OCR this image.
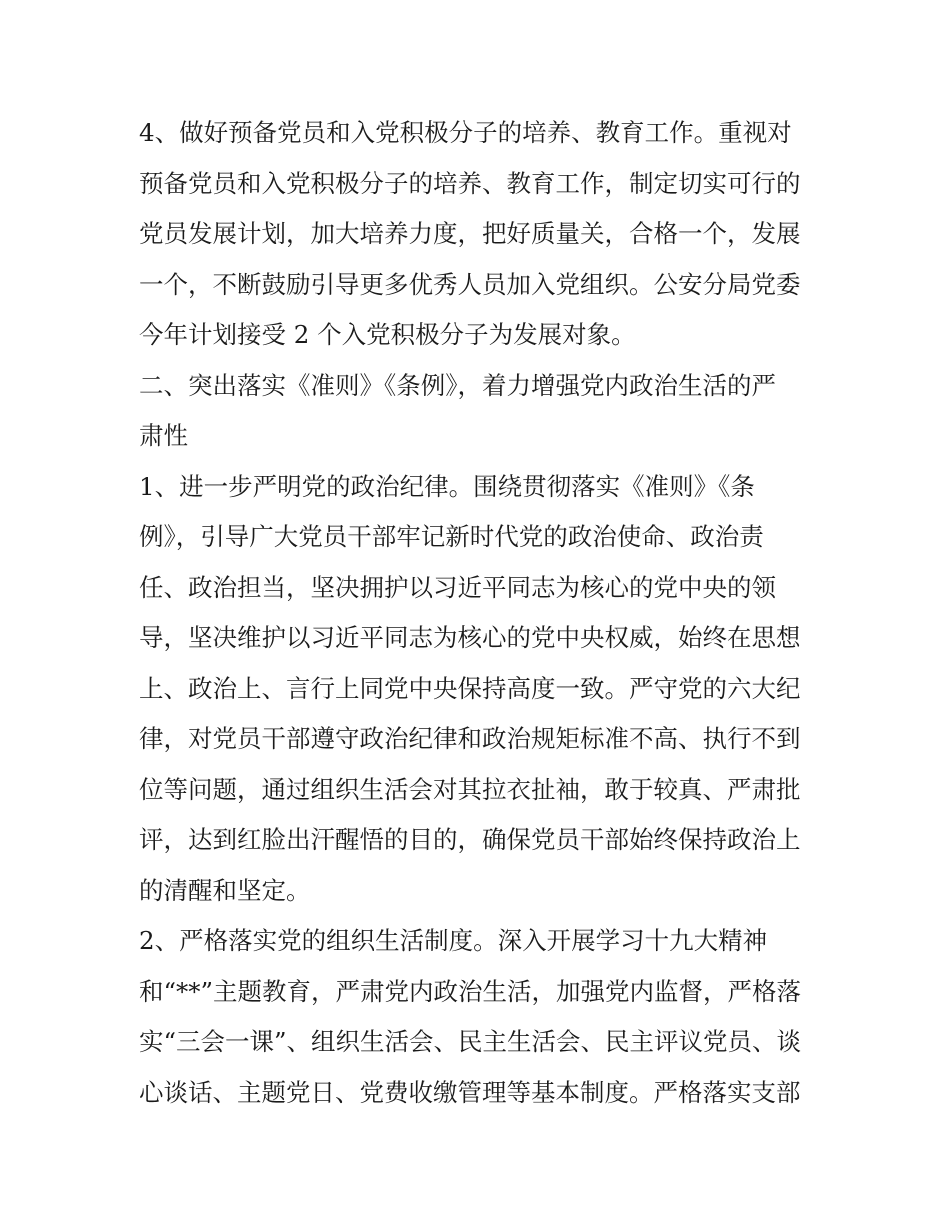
4、做好预备党员和入党积极分子的培养、教育工作。重视对
预备党员和入党积极分子的培养、教育工作，制定切实可行的
党员发展计划，加大培养力度，把好质量关，合格一个，发展
一个，不断鼓励引导更多优秀人员加入党组织。公安分局党委
今年计划接受 2 个入党积极分子为发展对象。
二、突出落实《准则》《条例》，着力增强党内政治生活的严
肃性
1、进一步严明党的政治纪律。围绕贯彻落实《准则》《条
例》，引导广大党员干部牢记新时代党的政治使命、政治责
任、政治担当，坚决拥护以习近平同志为核心的党中央的领
导，坚决维护以习近平同志为核心的党中央权威，始终在思想
上、政治上、言行上同党中央保持高度一致。严守党的六大纪
律，对党员干部遵守政治纪律和政治规矩标准不高、执行不到
位等问题，通过组织生活会对其拉衣扯袖，敢于较真、严肃批
评，达到红脸出汗醒悟的目的，确保党员干部始终保持政治上
的清醒和坚定。
2、严格落实党的组织生活制度。深入开展学习十九大精神
和“**”主题教育，严肃党内政治生活，加强党内监督，严格落
实“三会一课”、组织生活会、民主生活会、民主评议党员、谈
心谈话、主题党日、党费收缴管理等基本制度。严格落实支部
